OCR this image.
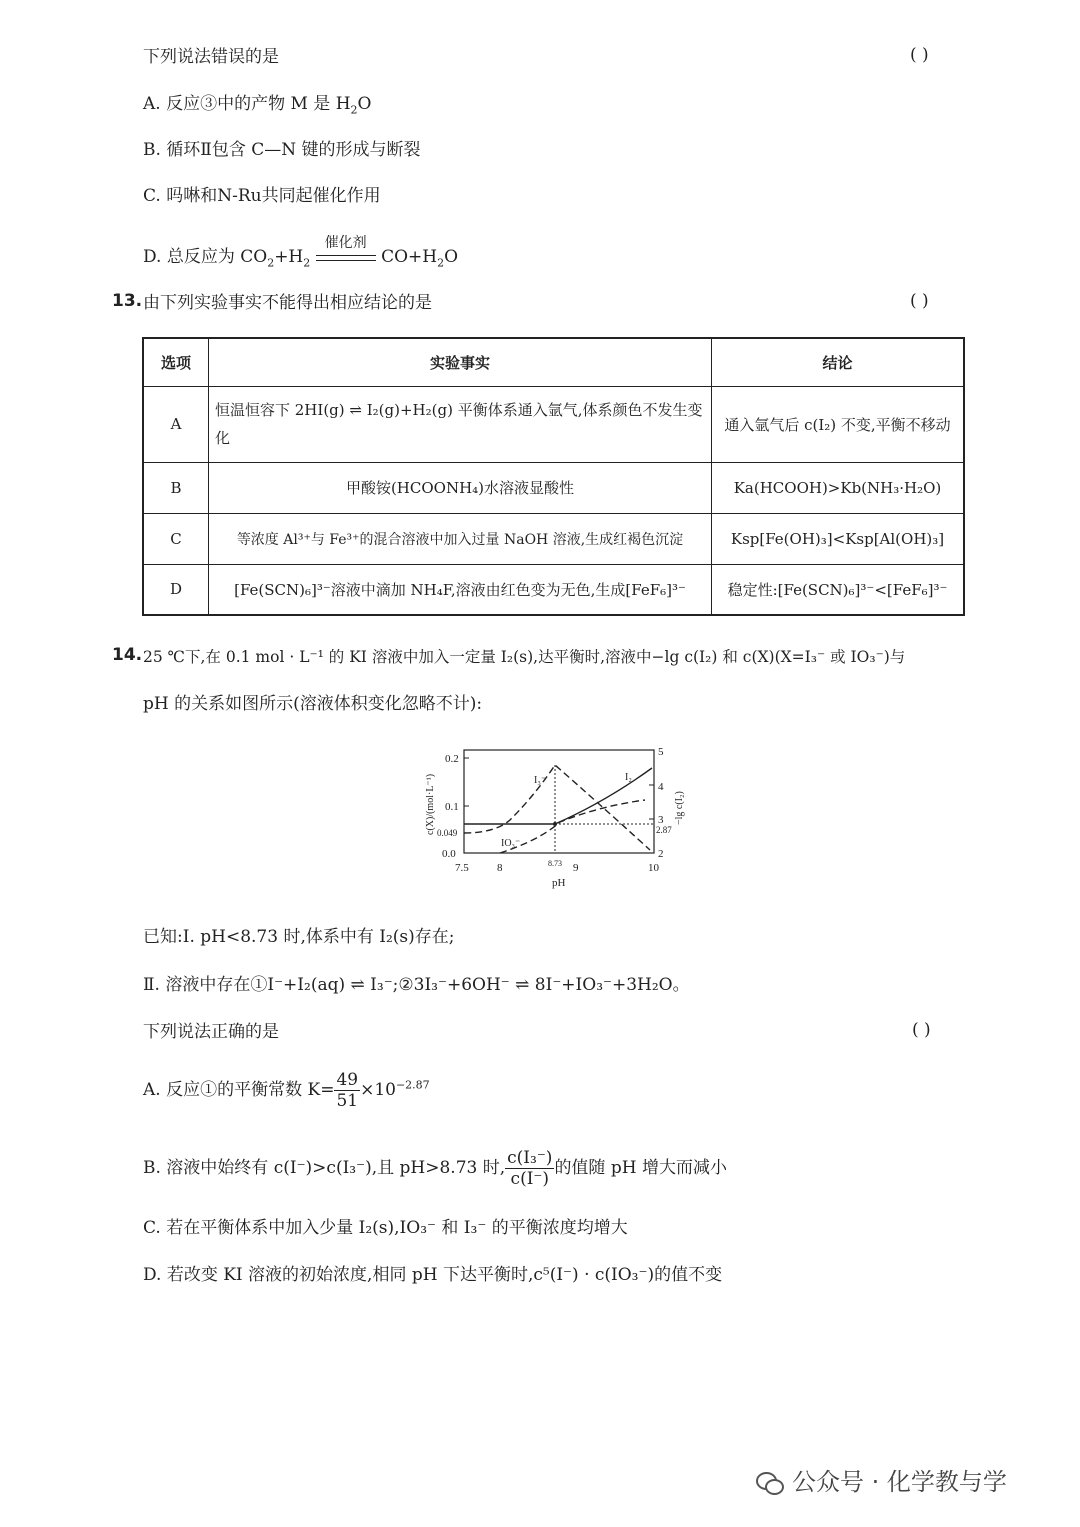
下列说法错误的是	( )
A. 反应③中的产物 M 是 $H_2O$
B. 循环Ⅱ包含 C—N 键的形成与断裂
C. 吗啉和N-Ru共同起催化作用
D. 总反应为 $CO_2+H_2$
催化剂
$CO+H_2O$
13. 由下列实验事实不能得出相应结论的是	( )
选项	实验事实	结论
A	恒温恒容下 2HI(g) ⇌ I₂(g)+H₂(g) 平衡体系通入氩气,体系颜色不发生变化	通入氩气后 c(I₂) 不变,平衡不移动
B	甲酸铵(HCOONH₄)水溶液显酸性	Ka(HCOOH)>Kb(NH₃·H₂O)
C	等浓度 Al³⁺与 Fe³⁺的混合溶液中加入过量 NaOH 溶液,生成红褐色沉淀	Ksp[Fe(OH)₃]<Ksp[Al(OH)₃]
D	[Fe(SCN)₆]³⁻溶液中滴加 NH₄F,溶液由红色变为无色,生成[FeF₆]³⁻	稳定性:[Fe(SCN)₆]³⁻<[FeF₆]³⁻
14. 25 ℃下,在 0.1 mol · L⁻¹ 的 KI 溶液中加入一定量 I₂(s),达平衡时,溶液中−lg c(I₂) 和 c(X)(X=I₃⁻ 或 IO₃⁻)与
pH 的关系如图所示(溶液体积变化忽略不计):
0.2
0.1
0.049
0.0
5
4
3
2.87
2
7.5	8	8.73 9	10
pH
I₃⁻	I₂
IO₃⁻
c(X)/(mol·L⁻¹)	−lg c(I₂)
已知:Ⅰ. pH<8.73 时,体系中有 I₂(s)存在;
Ⅱ. 溶液中存在①I⁻+I₂(aq) ⇌ I₃⁻;②3I₃⁻+6OH⁻ ⇌ 8I⁻+IO₃⁻+3H₂O。
下列说法正确的是	( )
A. 反应①的平衡常数 $K= \frac{49}{51} \times 10^{-2.87}$
B. 溶液中始终有 c(I⁻)>c(I₃⁻),且 pH>8.73 时, $\frac{\text{c(I₃⁻)}}{c(I^-)}$ 的值随 pH 增大而减小
C. 若在平衡体系中加入少量 I₂(s),IO₃⁻ 和 I₃⁻ 的平衡浓度均增大
D. 若改变 KI 溶液的初始浓度,相同 pH 下达平衡时,c⁵(I⁻) · c(IO₃⁻)的值不变
公众号 · 化学教与学
